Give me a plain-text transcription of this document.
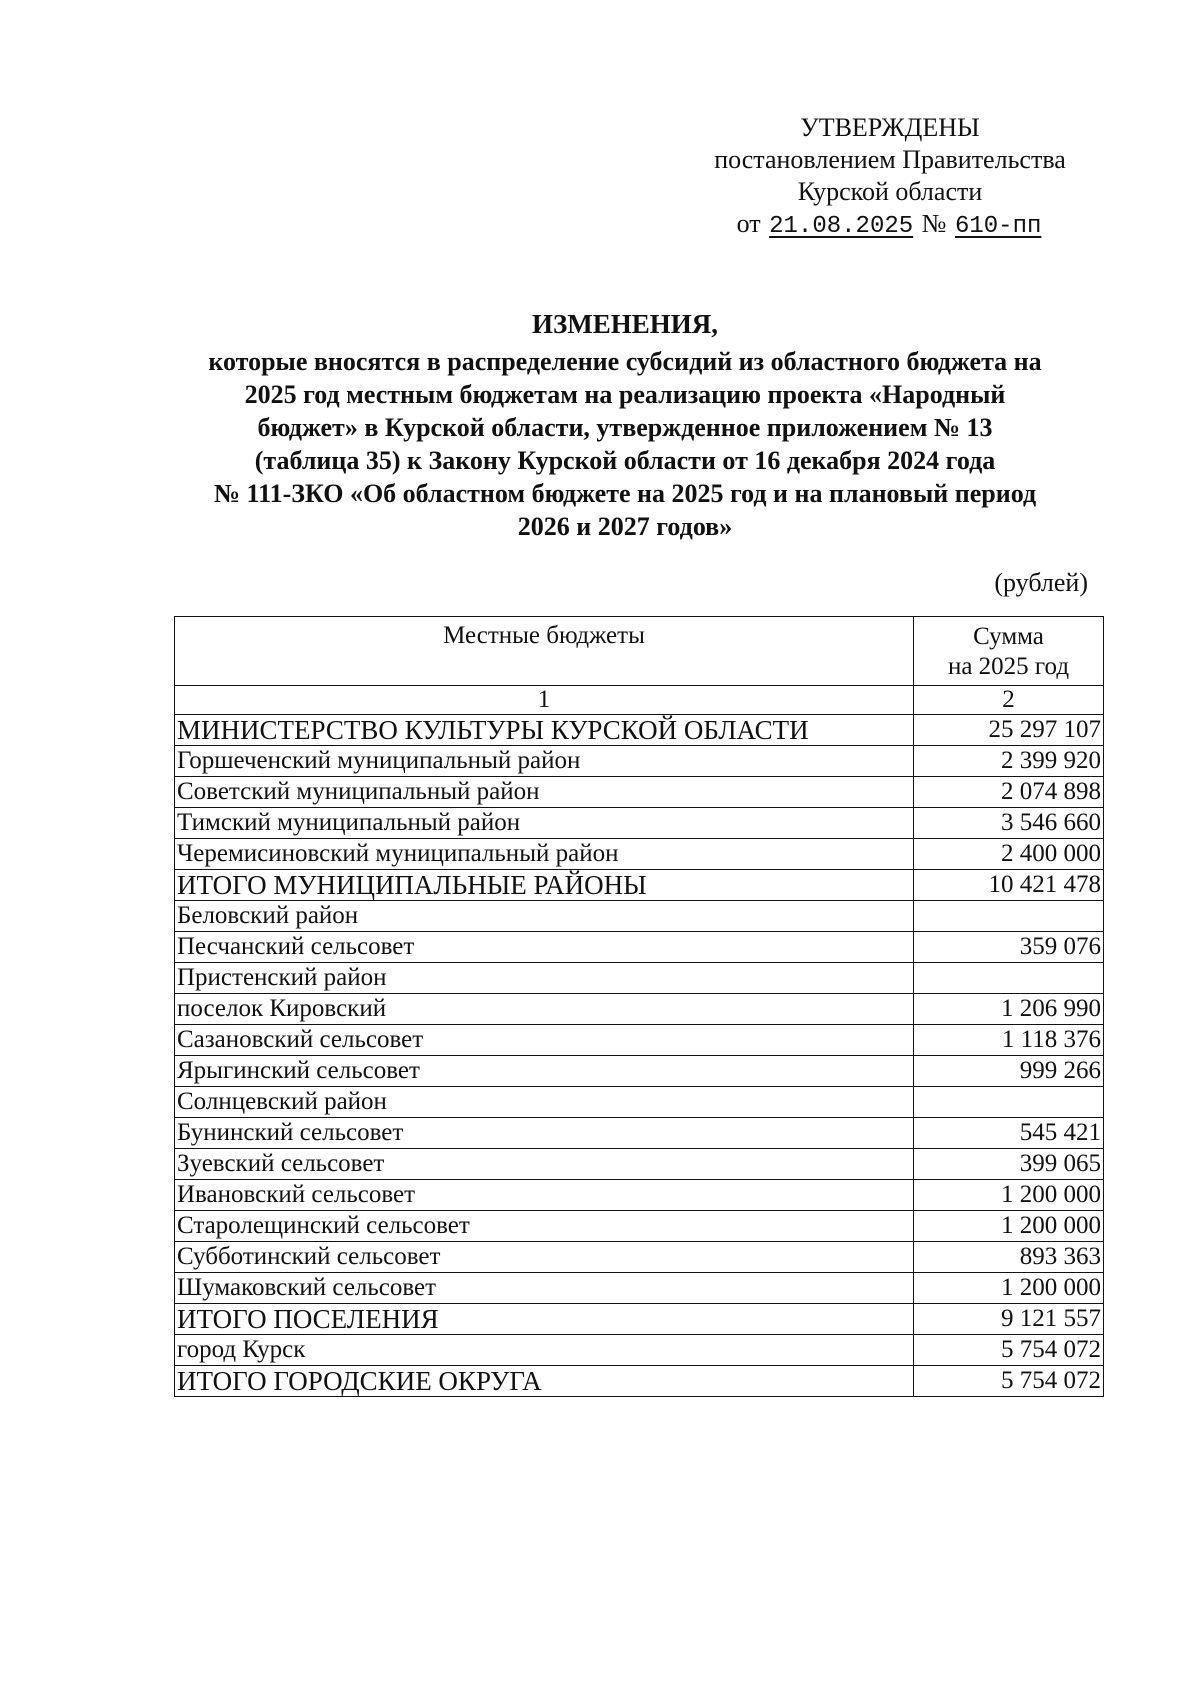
УТВЕРЖДЕНЫ
постановлением Правительства
Курской области
от 21.08.2025 № 610-пп
ИЗМЕНЕНИЯ,
которые вносятся в распределение субсидий из областного бюджета на
2025 год местным бюджетам на реализацию проекта «Народный
бюджет» в Курской области, утвержденное приложением № 13
(таблица 35) к Закону Курской области от 16 декабря 2024 года
№ 111-ЗКО «Об областном бюджете на 2025 год и на плановый период
2026 и 2027 годов»
(рублей)
Местные бюджеты	Сумма
на 2025 год
1	2
МИНИСТЕРСТВО КУЛЬТУРЫ КУРСКОЙ ОБЛАСТИ	25 297 107
Горшеченский муниципальный район	2 399 920
Советский муниципальный район	2 074 898
Тимский муниципальный район	3 546 660
Черемисиновский муниципальный район	2 400 000
ИТОГО МУНИЦИПАЛЬНЫЕ РАЙОНЫ	10 421 478
Беловский район	
Песчанский сельсовет	359 076
Пристенский район	
поселок Кировский	1 206 990
Сазановский сельсовет	1 118 376
Ярыгинский сельсовет	999 266
Солнцевский район	
Бунинский сельсовет	545 421
Зуевский сельсовет	399 065
Ивановский сельсовет	1 200 000
Старолещинский сельсовет	1 200 000
Субботинский сельсовет	893 363
Шумаковский сельсовет	1 200 000
ИТОГО ПОСЕЛЕНИЯ	9 121 557
город Курск	5 754 072
ИТОГО ГОРОДСКИЕ ОКРУГА	5 754 072
